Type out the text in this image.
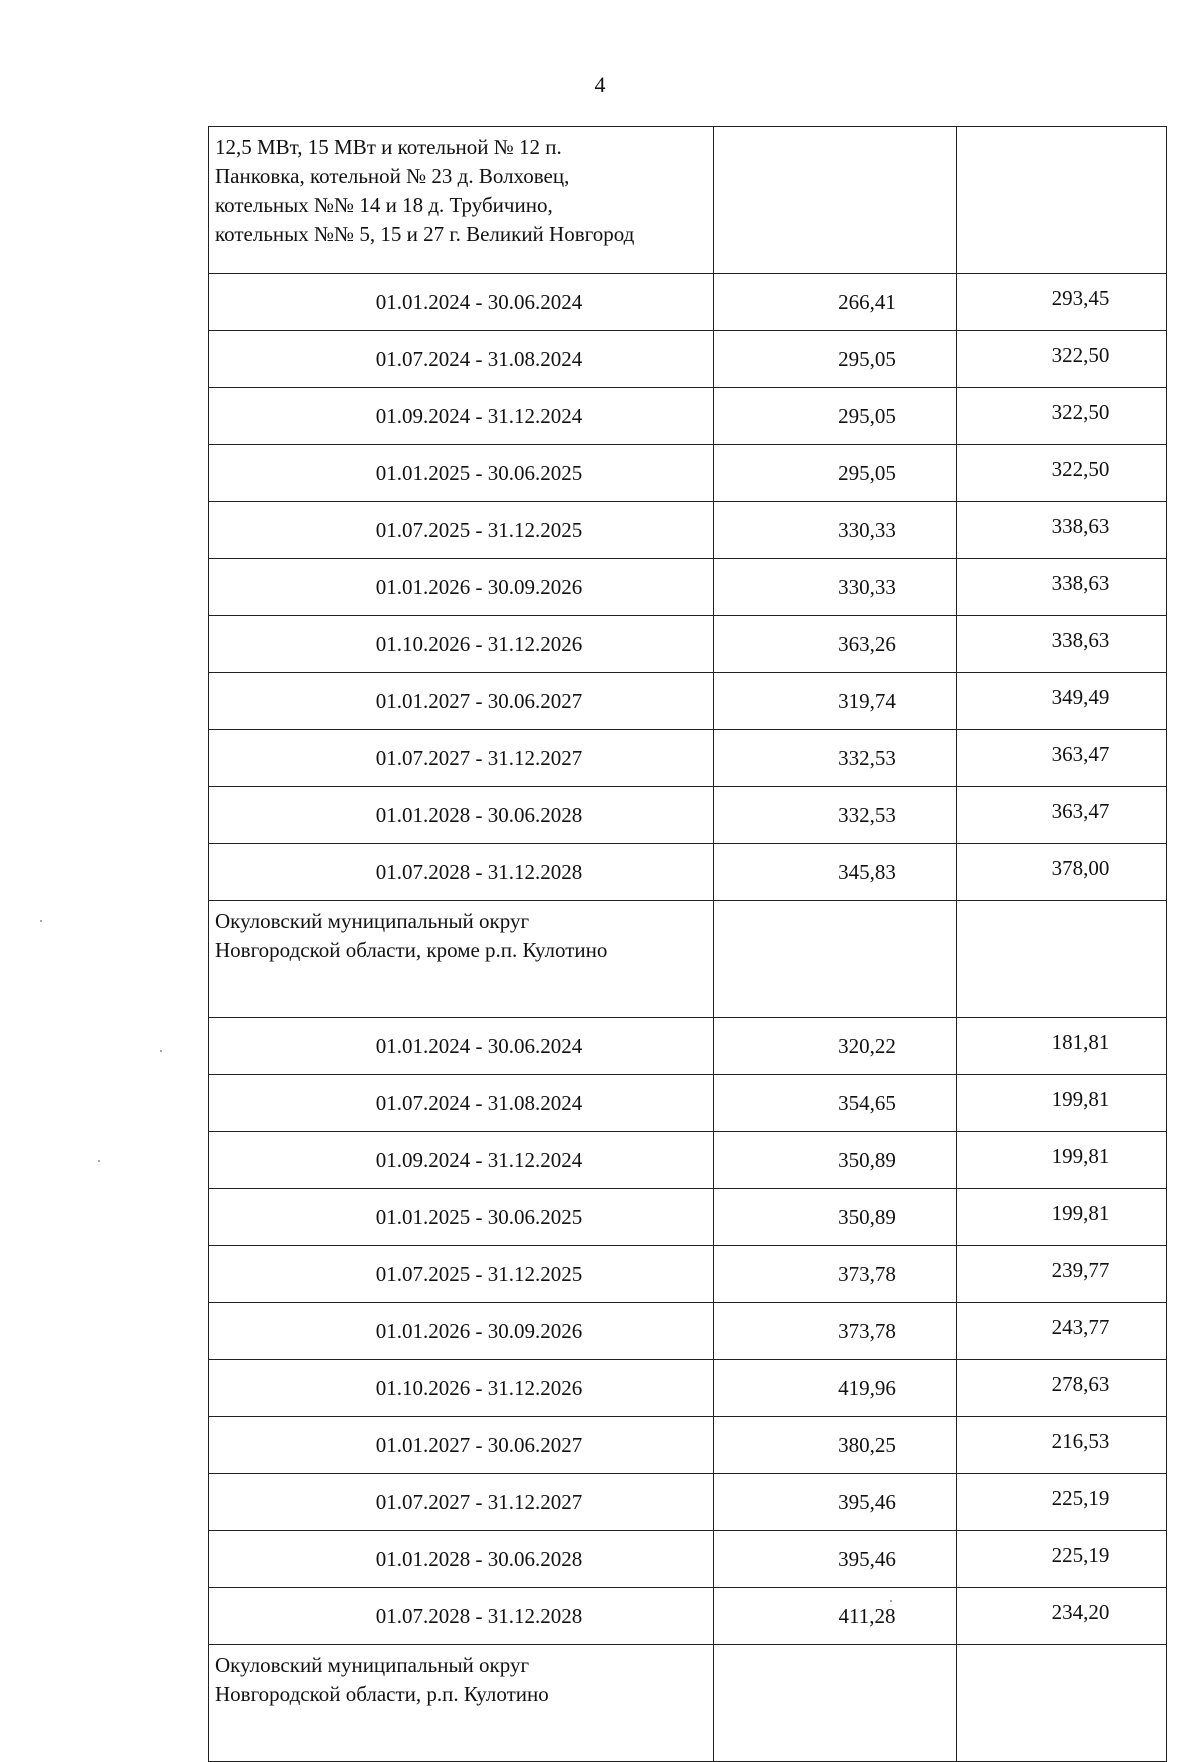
4
12,5 МВт, 15 МВт и котельной № 12 п.
Панковка, котельной № 23 д. Волховец,
котельных №№ 14 и 18 д. Трубичино,
котельных №№ 5, 15 и 27 г. Великий Новгород		

01.01.2024 - 30.06.2024	266,41	293,45
01.07.2024 - 31.08.2024	295,05	322,50
01.09.2024 - 31.12.2024	295,05	322,50
01.01.2025 - 30.06.2025	295,05	322,50
01.07.2025 - 31.12.2025	330,33	338,63
01.01.2026 - 30.09.2026	330,33	338,63
01.10.2026 - 31.12.2026	363,26	338,63
01.01.2027 - 30.06.2027	319,74	349,49
01.07.2027 - 31.12.2027	332,53	363,47
01.01.2028 - 30.06.2028	332,53	363,47
01.07.2028 - 31.12.2028	345,83	378,00

Окуловский муниципальный округ
Новгородской области, кроме р.п. Кулотино		

01.01.2024 - 30.06.2024	320,22	181,81
01.07.2024 - 31.08.2024	354,65	199,81
01.09.2024 - 31.12.2024	350,89	199,81
01.01.2025 - 30.06.2025	350,89	199,81
01.07.2025 - 31.12.2025	373,78	239,77
01.01.2026 - 30.09.2026	373,78	243,77
01.10.2026 - 31.12.2026	419,96	278,63
01.01.2027 - 30.06.2027	380,25	216,53
01.07.2027 - 31.12.2027	395,46	225,19
01.01.2028 - 30.06.2028	395,46	225,19
01.07.2028 - 31.12.2028	411,28	234,20

Окуловский муниципальный округ
Новгородской области, р.п. Кулотино		
